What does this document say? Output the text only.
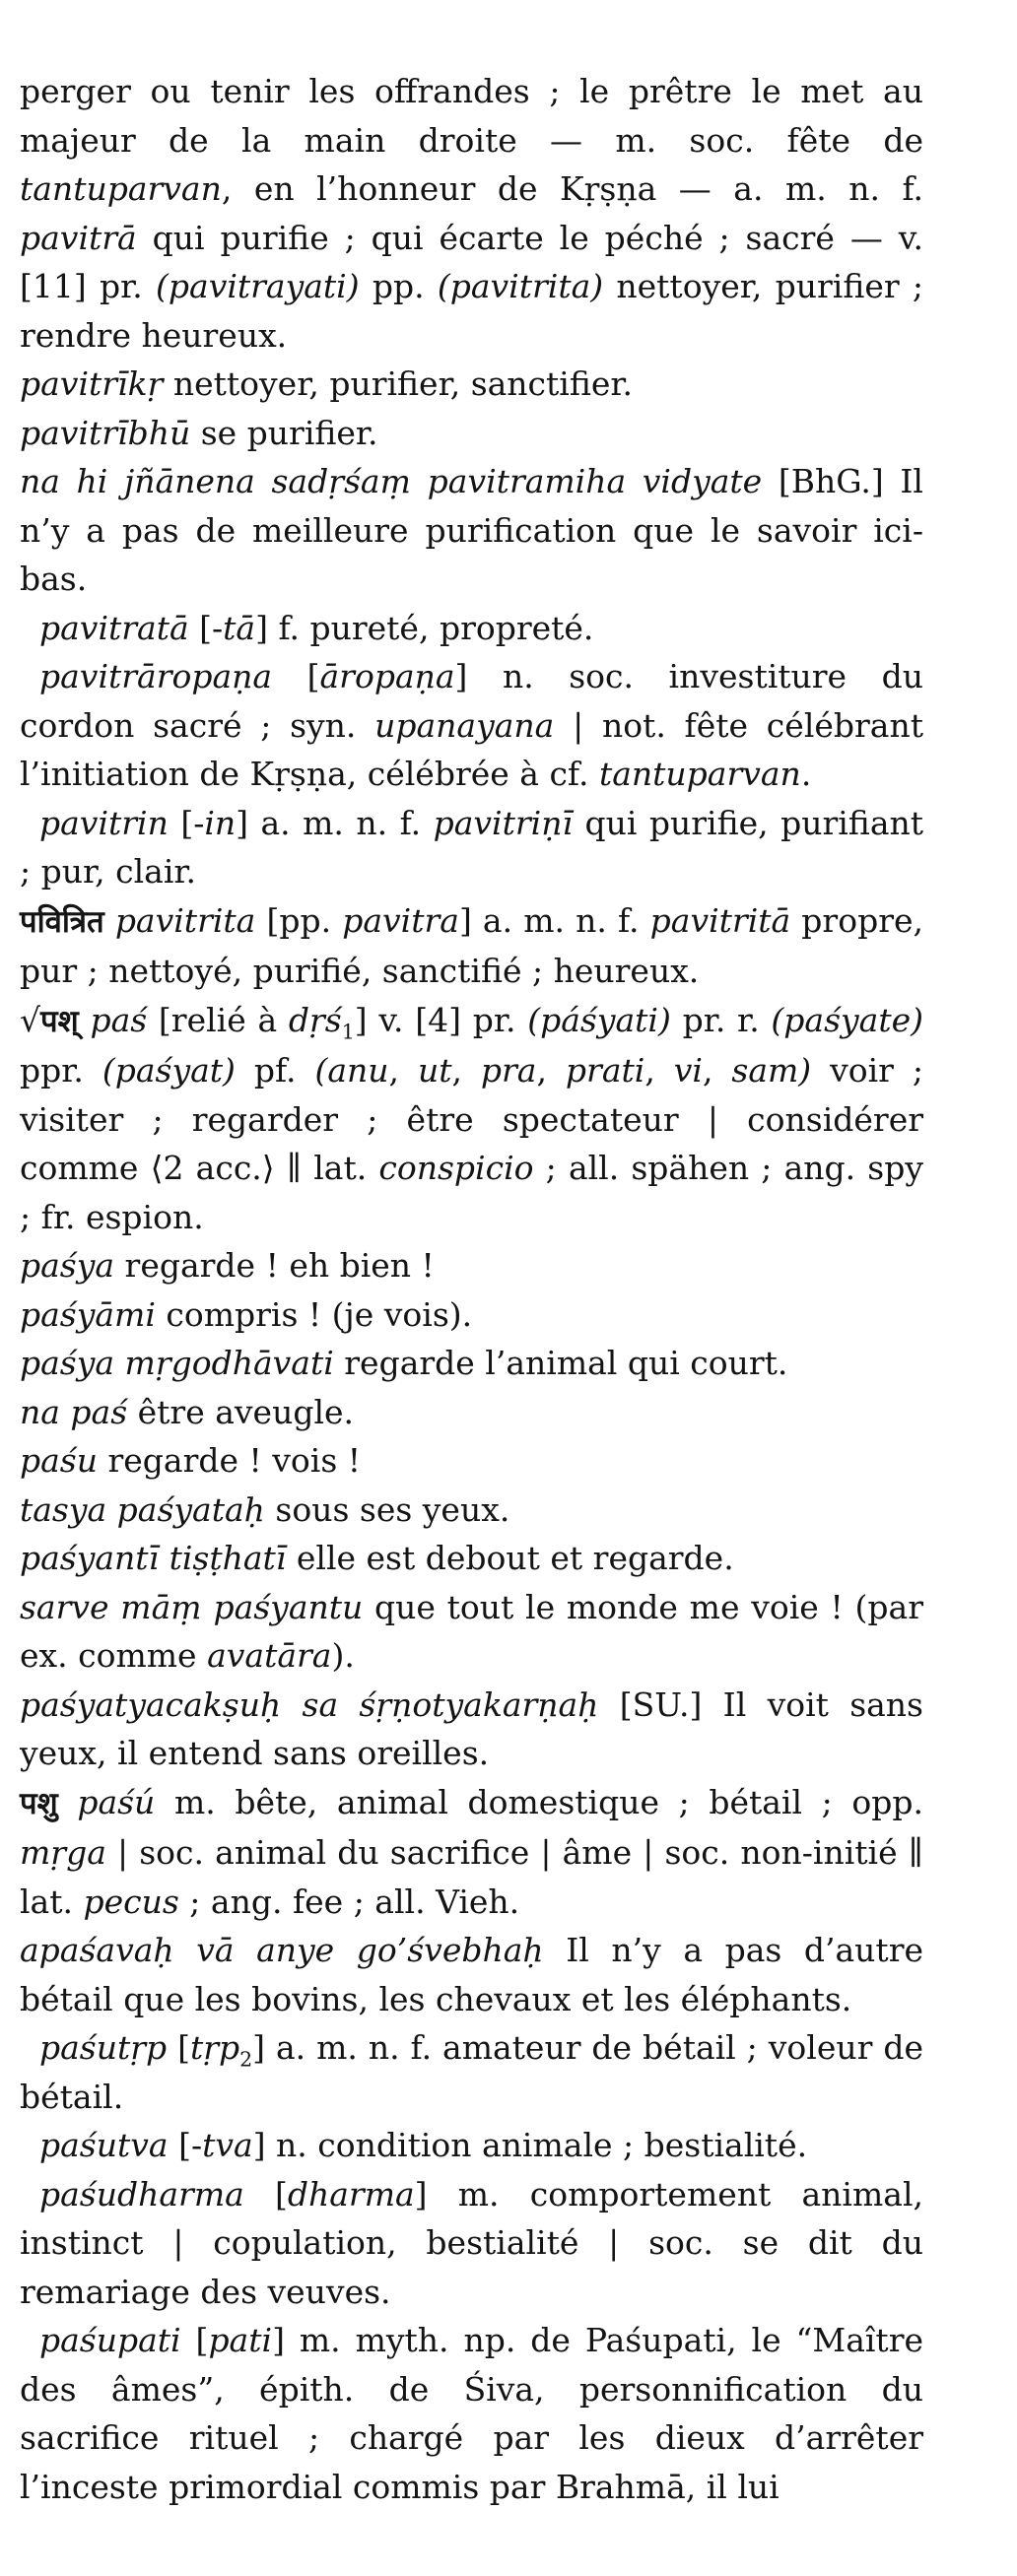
perger ou tenir les offrandes ; le prêtre le met au majeur de la main droite — m. soc. fête de tantuparvan, en l’honneur de Kṛṣṇa — a. m. n. f. pavitrā qui purifie ; qui écarte le péché ; sacré — v. [11] pr. (pavitrayati) pp. (pavitrita) nettoyer, purifier ; rendre heureux.

pavitrīkṛ nettoyer, purifier, sanctifier.

pavitrībhū se purifier.

na hi jñānena sadṛśaṃ pavitramiha vidyate [BhG.] Il n’y a pas de meilleure purification que le savoir ici-bas.

pavitratā [-tā] f. pureté, propreté.

pavitrāropaṇa [āropaṇa] n. soc. investiture du cordon sacré ; syn. upanayana | not. fête célébrant l’initiation de Kṛṣṇa, célébrée à cf. tantuparvan.

pavitrin [-in] a. m. n. f. pavitriṇī qui purifie, purifiant ; pur, clair.

पवित्रित pavitrita [pp. pavitra] a. m. n. f. pavitritā propre, pur ; nettoyé, purifié, sanctifié ; heureux.

√पश् paś [relié à dṛś$_1$] v. [4] pr. (páśyati) pr. r. (paśyate) ppr. (paśyat) pf. (anu, ut, pra, prati, vi, sam) voir ; visiter ; regarder ; être spectateur | considérer comme ⟨2 acc.⟩ ∥ lat. conspicio ; all. spähen ; ang. spy ; fr. espion.

paśya regarde ! eh bien !

paśyāmi compris ! (je vois).

paśya mṛgodhāvati regarde l’animal qui court.

na paś être aveugle.

paśu regarde ! vois !

tasya paśyataḥ sous ses yeux.

paśyantī tiṣṭhatī elle est debout et regarde.

sarve māṃ paśyantu que tout le monde me voie ! (par ex. comme avatāra).

paśyatyacakṣuḥ sa śṛṇotyakarṇaḥ [SU.] Il voit sans yeux, il entend sans oreilles.

पशु paśú m. bête, animal domestique ; bétail ; opp. mṛga | soc. animal du sacrifice | âme | soc. non-initié ∥ lat. pecus ; ang. fee ; all. Vieh.

apaśavaḥ vā anye go’śvebhaḥ Il n’y a pas d’autre bétail que les bovins, les chevaux et les éléphants.

paśutṛp [tṛp$_2$] a. m. n. f. amateur de bétail ; voleur de bétail.

paśutva [-tva] n. condition animale ; bestialité.

paśudharma [dharma] m. comportement animal, instinct | copulation, bestialité | soc. se dit du remariage des veuves.

paśupati [pati] m. myth. np. de Paśupati, le “Maître des âmes”, épith. de Śiva, personnification du sacrifice rituel ; chargé par les dieux d’arrêter l’inceste primordial commis par Brahmā, il lui
